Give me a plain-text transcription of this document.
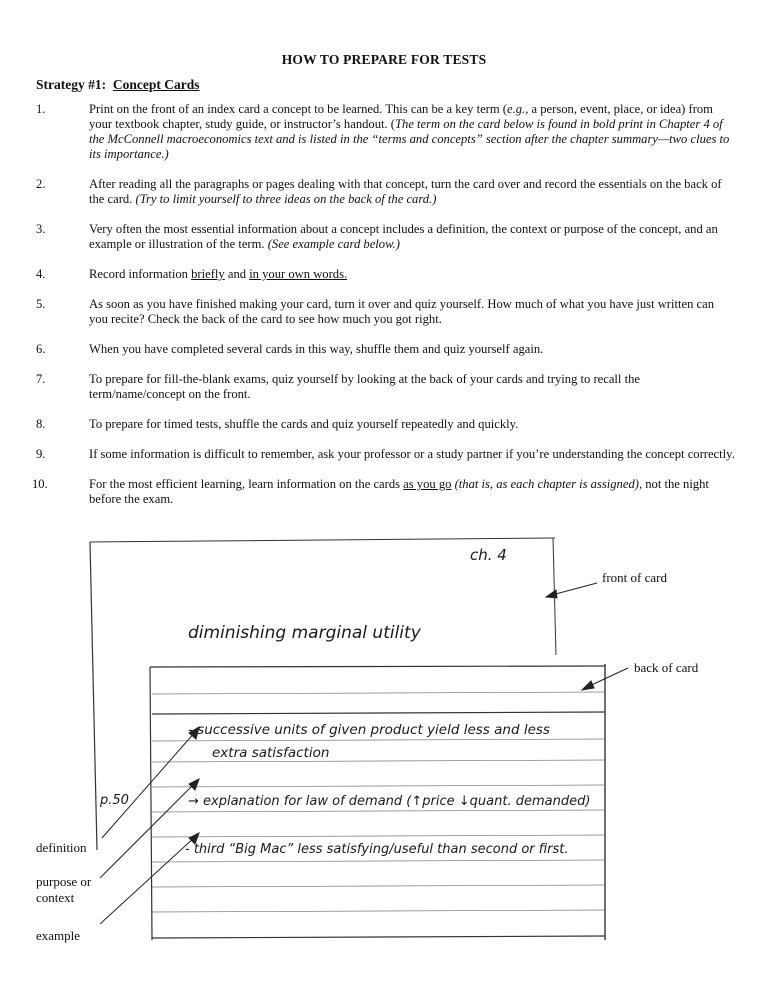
HOW TO PREPARE FOR TESTS
Strategy #1: Concept Cards
1.	Print on the front of an index card a concept to be learned. This can be a key term (e.g., a person, event, place, or idea) from your textbook chapter, study guide, or instructor’s handout. (The term on the card below is found in bold print in Chapter 4 of the McConnell macroeconomics text and is listed in the “terms and concepts” section after the chapter summary—two clues to its importance.)
2.	After reading all the paragraphs or pages dealing with that concept, turn the card over and record the essentials on the back of the card. (Try to limit yourself to three ideas on the back of the card.)
3.	Very often the most essential information about a concept includes a definition, the context or purpose of the concept, and an example or illustration of the term. (See example card below.)
4.	Record information briefly and in your own words.
5.	As soon as you have finished making your card, turn it over and quiz yourself. How much of what you have just written can you recite? Check the back of the card to see how much you got right.
6.	When you have completed several cards in this way, shuffle them and quiz yourself again.
7.	To prepare for fill-the-blank exams, quiz yourself by looking at the back of your cards and trying to recall the term/name/concept on the front.
8.	To prepare for timed tests, shuffle the cards and quiz yourself repeatedly and quickly.
9.	If some information is difficult to remember, ask your professor or a study partner if you’re understanding the concept correctly.
10.	For the most efficient learning, learn information on the cards as you go (that is, as each chapter is assigned), not the night before the exam.
ch. 4
diminishing marginal utility
p.50
- successive units of given product yield less and less
extra satisfaction
→ explanation for law of demand (↑price ↓quant. demanded)
- third “Big Mac” less satisfying/useful than second or first.
front of card
back of card
definition
purpose or
context
example
